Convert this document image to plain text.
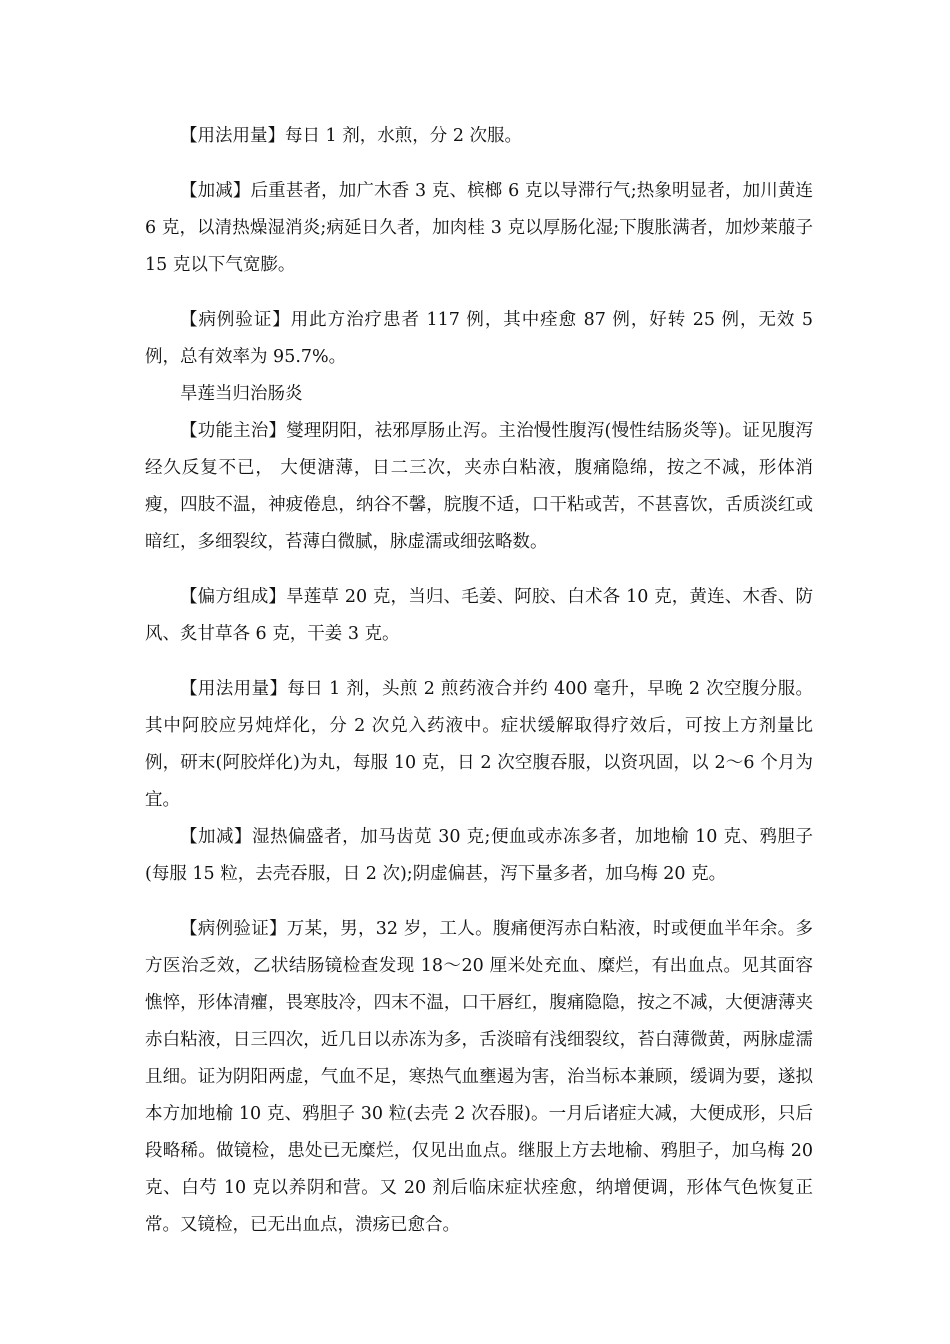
【用法用量】每日 1 剂，水煎，分 2 次服。

【加减】后重甚者，加广木香 3 克、槟榔 6 克以导滞行气;热象明显者，加川黄连 6 克，以清热燥湿消炎;病延日久者，加肉桂 3 克以厚肠化湿;下腹胀满者，加炒莱菔子 15 克以下气宽膨。

【病例验证】用此方治疗患者 117 例，其中痊愈 87 例，好转 25 例，无效 5 例，总有效率为 95.7%。

旱莲当归治肠炎

【功能主治】燮理阴阳，祛邪厚肠止泻。主治慢性腹泻(慢性结肠炎等)。证见腹泻经久反复不已， 大便溏薄，日二三次，夹赤白粘液，腹痛隐绵，按之不减，形体消瘦，四肢不温，神疲倦息，纳谷不馨，脘腹不适，口干粘或苦，不甚喜饮，舌质淡红或暗红，多细裂纹，苔薄白微腻，脉虚濡或细弦略数。

【偏方组成】旱莲草 20 克，当归、毛姜、阿胶、白术各 10 克，黄连、木香、防风、炙甘草各 6 克，干姜 3 克。

【用法用量】每日 1 剂，头煎 2 煎药液合并约 400 毫升，早晚 2 次空腹分服。其中阿胶应另炖烊化，分 2 次兑入药液中。症状缓解取得疗效后，可按上方剂量比例，研末(阿胶烊化)为丸，每服 10 克，日 2 次空腹吞服，以资巩固，以 2～6 个月为宜。

【加减】湿热偏盛者，加马齿苋 30 克;便血或赤冻多者，加地榆 10 克、鸦胆子(每服 15 粒，去壳吞服，日 2 次);阴虚偏甚，泻下量多者，加乌梅 20 克。

【病例验证】万某，男，32 岁，工人。腹痛便泻赤白粘液，时或便血半年余。多方医治乏效，乙状结肠镜检查发现 18～20 厘米处充血、糜烂，有出血点。见其面容憔悴，形体清癯，畏寒肢冷，四末不温，口干唇红，腹痛隐隐，按之不减，大便溏薄夹赤白粘液，日三四次，近几日以赤冻为多，舌淡暗有浅细裂纹，苔白薄微黄，两脉虚濡且细。证为阴阳两虚，气血不足，寒热气血壅遏为害，治当标本兼顾，缓调为要，遂拟本方加地榆 10 克、鸦胆子 30 粒(去壳 2 次吞服)。一月后诸症大减，大便成形，只后段略稀。做镜检，患处已无糜烂，仅见出血点。继服上方去地榆、鸦胆子，加乌梅 20 克、白芍 10 克以养阴和营。又 20 剂后临床症状痊愈，纳增便调，形体气色恢复正常。又镜检，已无出血点，溃疡已愈合。
